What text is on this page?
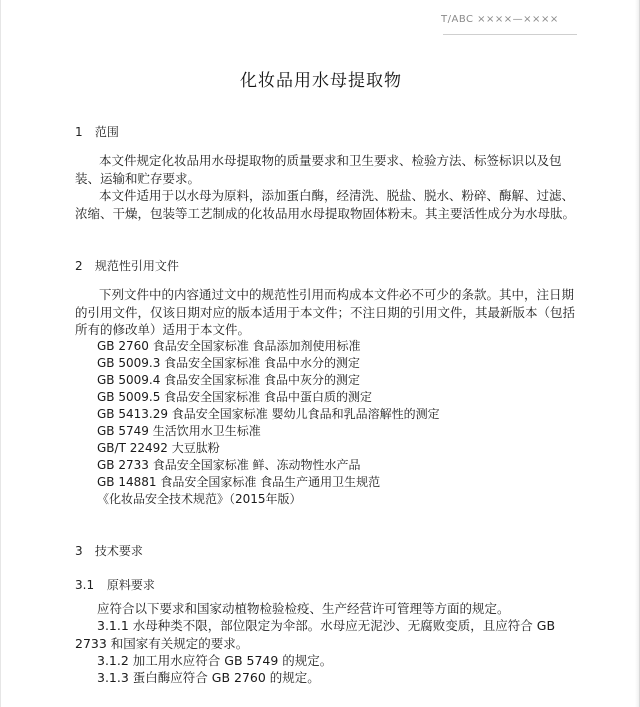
T/ABC ××××—××××
化妆品用水母提取物
1 范围

本文件规定化妆品用水母提取物的质量要求和卫生要求、检验方法、标签标识以及包装、运输和贮存要求。

本文件适用于以水母为原料，添加蛋白酶，经清洗、脱盐、脱水、粉碎、酶解、过滤、浓缩、干燥，包装等工艺制成的化妆品用水母提取物固体粉末。其主要活性成分为水母肽。

2 规范性引用文件

下列文件中的内容通过文中的规范性引用而构成本文件必不可少的条款。其中，注日期的引用文件，仅该日期对应的版本适用于本文件；不注日期的引用文件，其最新版本（包括所有的修改单）适用于本文件。

GB 2760 食品安全国家标准 食品添加剂使用标准
GB 5009.3 食品安全国家标准 食品中水分的测定
GB 5009.4 食品安全国家标准 食品中灰分的测定
GB 5009.5 食品安全国家标准 食品中蛋白质的测定
GB 5413.29 食品安全国家标准 婴幼儿食品和乳品溶解性的测定
GB 5749 生活饮用水卫生标准
GB/T 22492 大豆肽粉
GB 2733 食品安全国家标准 鲜、冻动物性水产品
GB 14881 食品安全国家标准 食品生产通用卫生规范
《化妆品安全技术规范》（2015年版）
3 技术要求
3.1 原料要求

应符合以下要求和国家动植物检验检疫、生产经营许可管理等方面的规定。

3.1.1 水母种类不限，部位限定为伞部。水母应无泥沙、无腐败变质，且应符合 GB 2733 和国家有关规定的要求。

3.1.2 加工用水应符合 GB 5749 的规定。

3.1.3 蛋白酶应符合 GB 2760 的规定。
